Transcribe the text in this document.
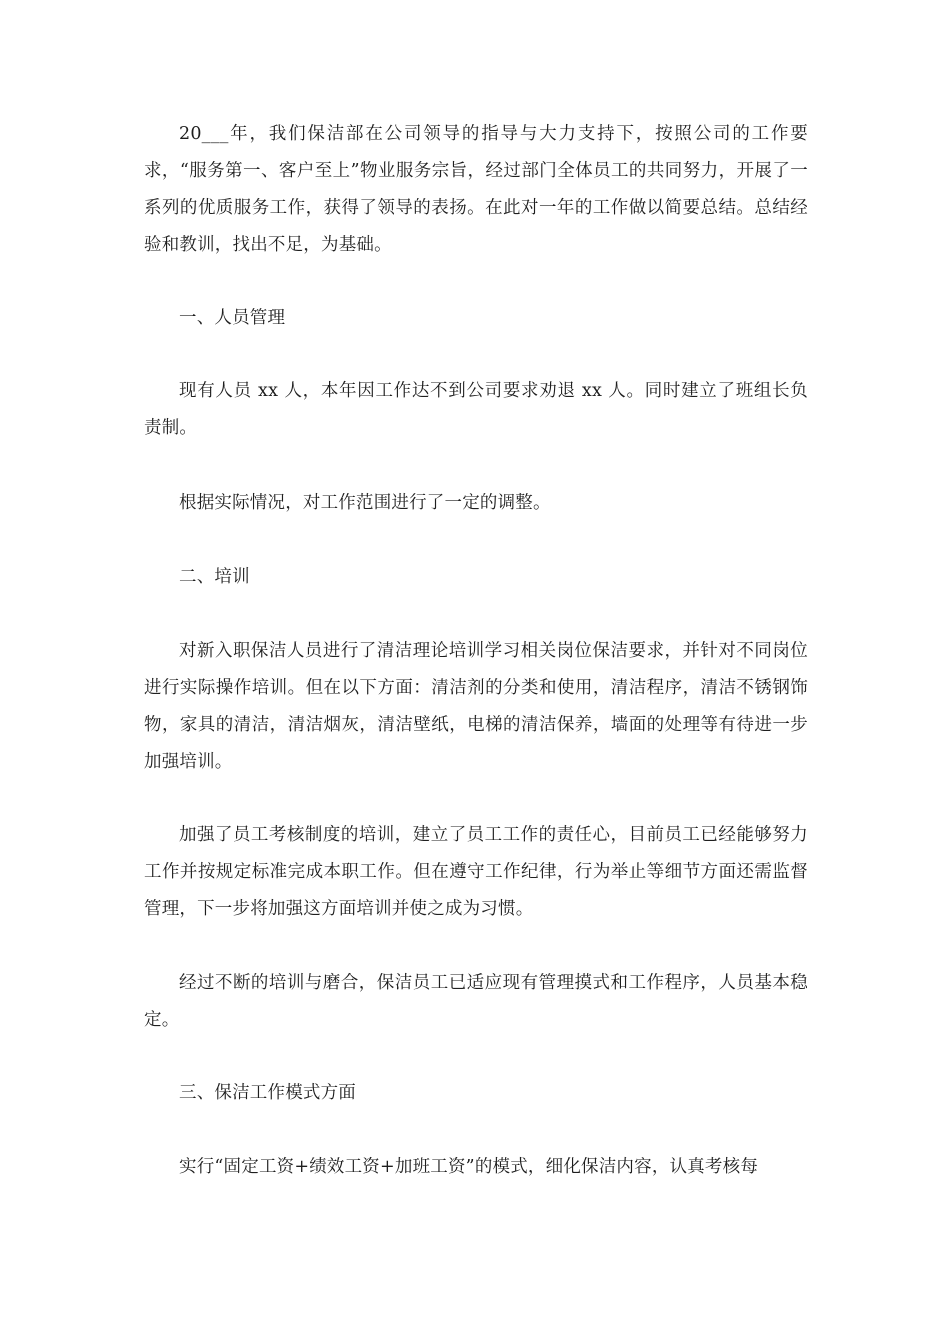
20___年，我们保洁部在公司领导的指导与大力支持下，按照公司的工作要求，“服务第一、客户至上”物业服务宗旨，经过部门全体员工的共同努力，开展了一系列的优质服务工作，获得了领导的表扬。在此对一年的工作做以简要总结。总结经验和教训，找出不足，为基础。

一、人员管理

现有人员 xx 人，本年因工作达不到公司要求劝退 xx 人。同时建立了班组长负责制。

根据实际情况，对工作范围进行了一定的调整。

二、培训

对新入职保洁人员进行了清洁理论培训学习相关岗位保洁要求，并针对不同岗位进行实际操作培训。但在以下方面：清洁剂的分类和使用，清洁程序，清洁不锈钢饰物，家具的清洁，清洁烟灰，清洁壁纸，电梯的清洁保养，墙面的处理等有待进一步加强培训。

加强了员工考核制度的培训，建立了员工工作的责任心，目前员工已经能够努力工作并按规定标准完成本职工作。但在遵守工作纪律，行为举止等细节方面还需监督管理，下一步将加强这方面培训并使之成为习惯。

经过不断的培训与磨合，保洁员工已适应现有管理摸式和工作程序，人员基本稳定。

三、保洁工作模式方面

实行“固定工资+绩效工资+加班工资”的模式，细化保洁内容，认真考核每
